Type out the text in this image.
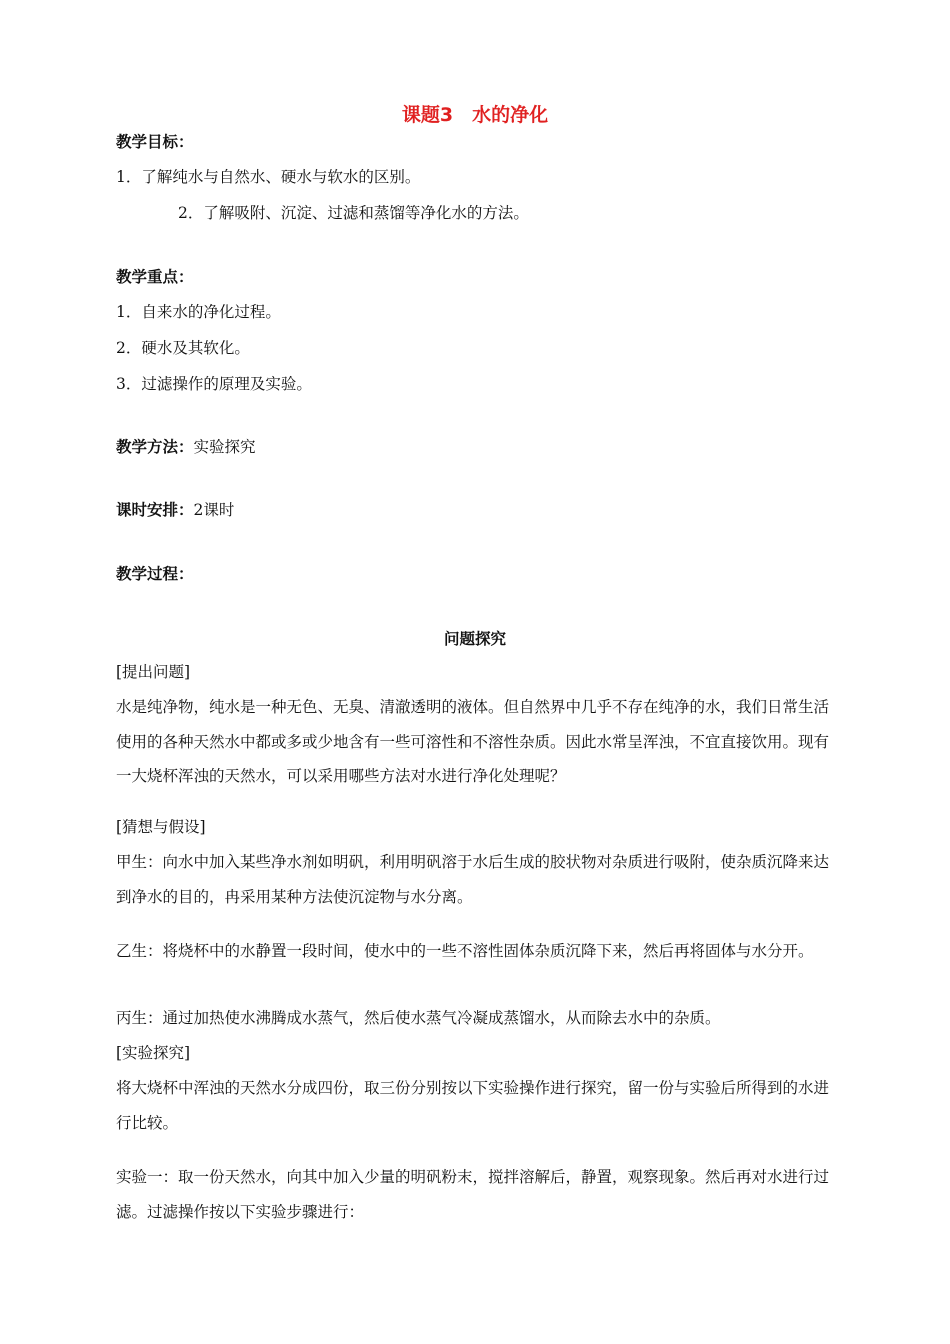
课题3　水的净化
教学目标：
1．了解纯水与自然水、硬水与软水的区别。
2．了解吸附、沉淀、过滤和蒸馏等净化水的方法。
教学重点：
1．自来水的净化过程。
2．硬水及其软化。
3．过滤操作的原理及实验。
教学方法：实验探究
课时安排：2课时
教学过程：
问题探究
[提出问题]
水是纯净物，纯水是一种无色、无臭、清澈透明的液体。但自然界中几乎不存在纯净的水，我们日常生活使用的各种天然水中都或多或少地含有一些可溶性和不溶性杂质。因此水常呈浑浊，不宜直接饮用。现有一大烧杯浑浊的天然水，可以采用哪些方法对水进行净化处理呢？
[猜想与假设]
甲生：向水中加入某些净水剂如明矾，利用明矾溶于水后生成的胶状物对杂质进行吸附，使杂质沉降来达到净水的目的，冉采用某种方法使沉淀物与水分离。
乙生：将烧杯中的水静置一段时间，使水中的一些不溶性固体杂质沉降下来，然后再将固体与水分开。
丙生：通过加热使水沸腾成水蒸气，然后使水蒸气冷凝成蒸馏水，从而除去水中的杂质。
[实验探究]
将大烧杯中浑浊的天然水分成四份，取三份分别按以下实验操作进行探究，留一份与实验后所得到的水进行比较。
实验一：取一份天然水，向其中加入少量的明矾粉末，搅拌溶解后，静置，观察现象。然后再对水进行过滤。过滤操作按以下实验步骤进行：
